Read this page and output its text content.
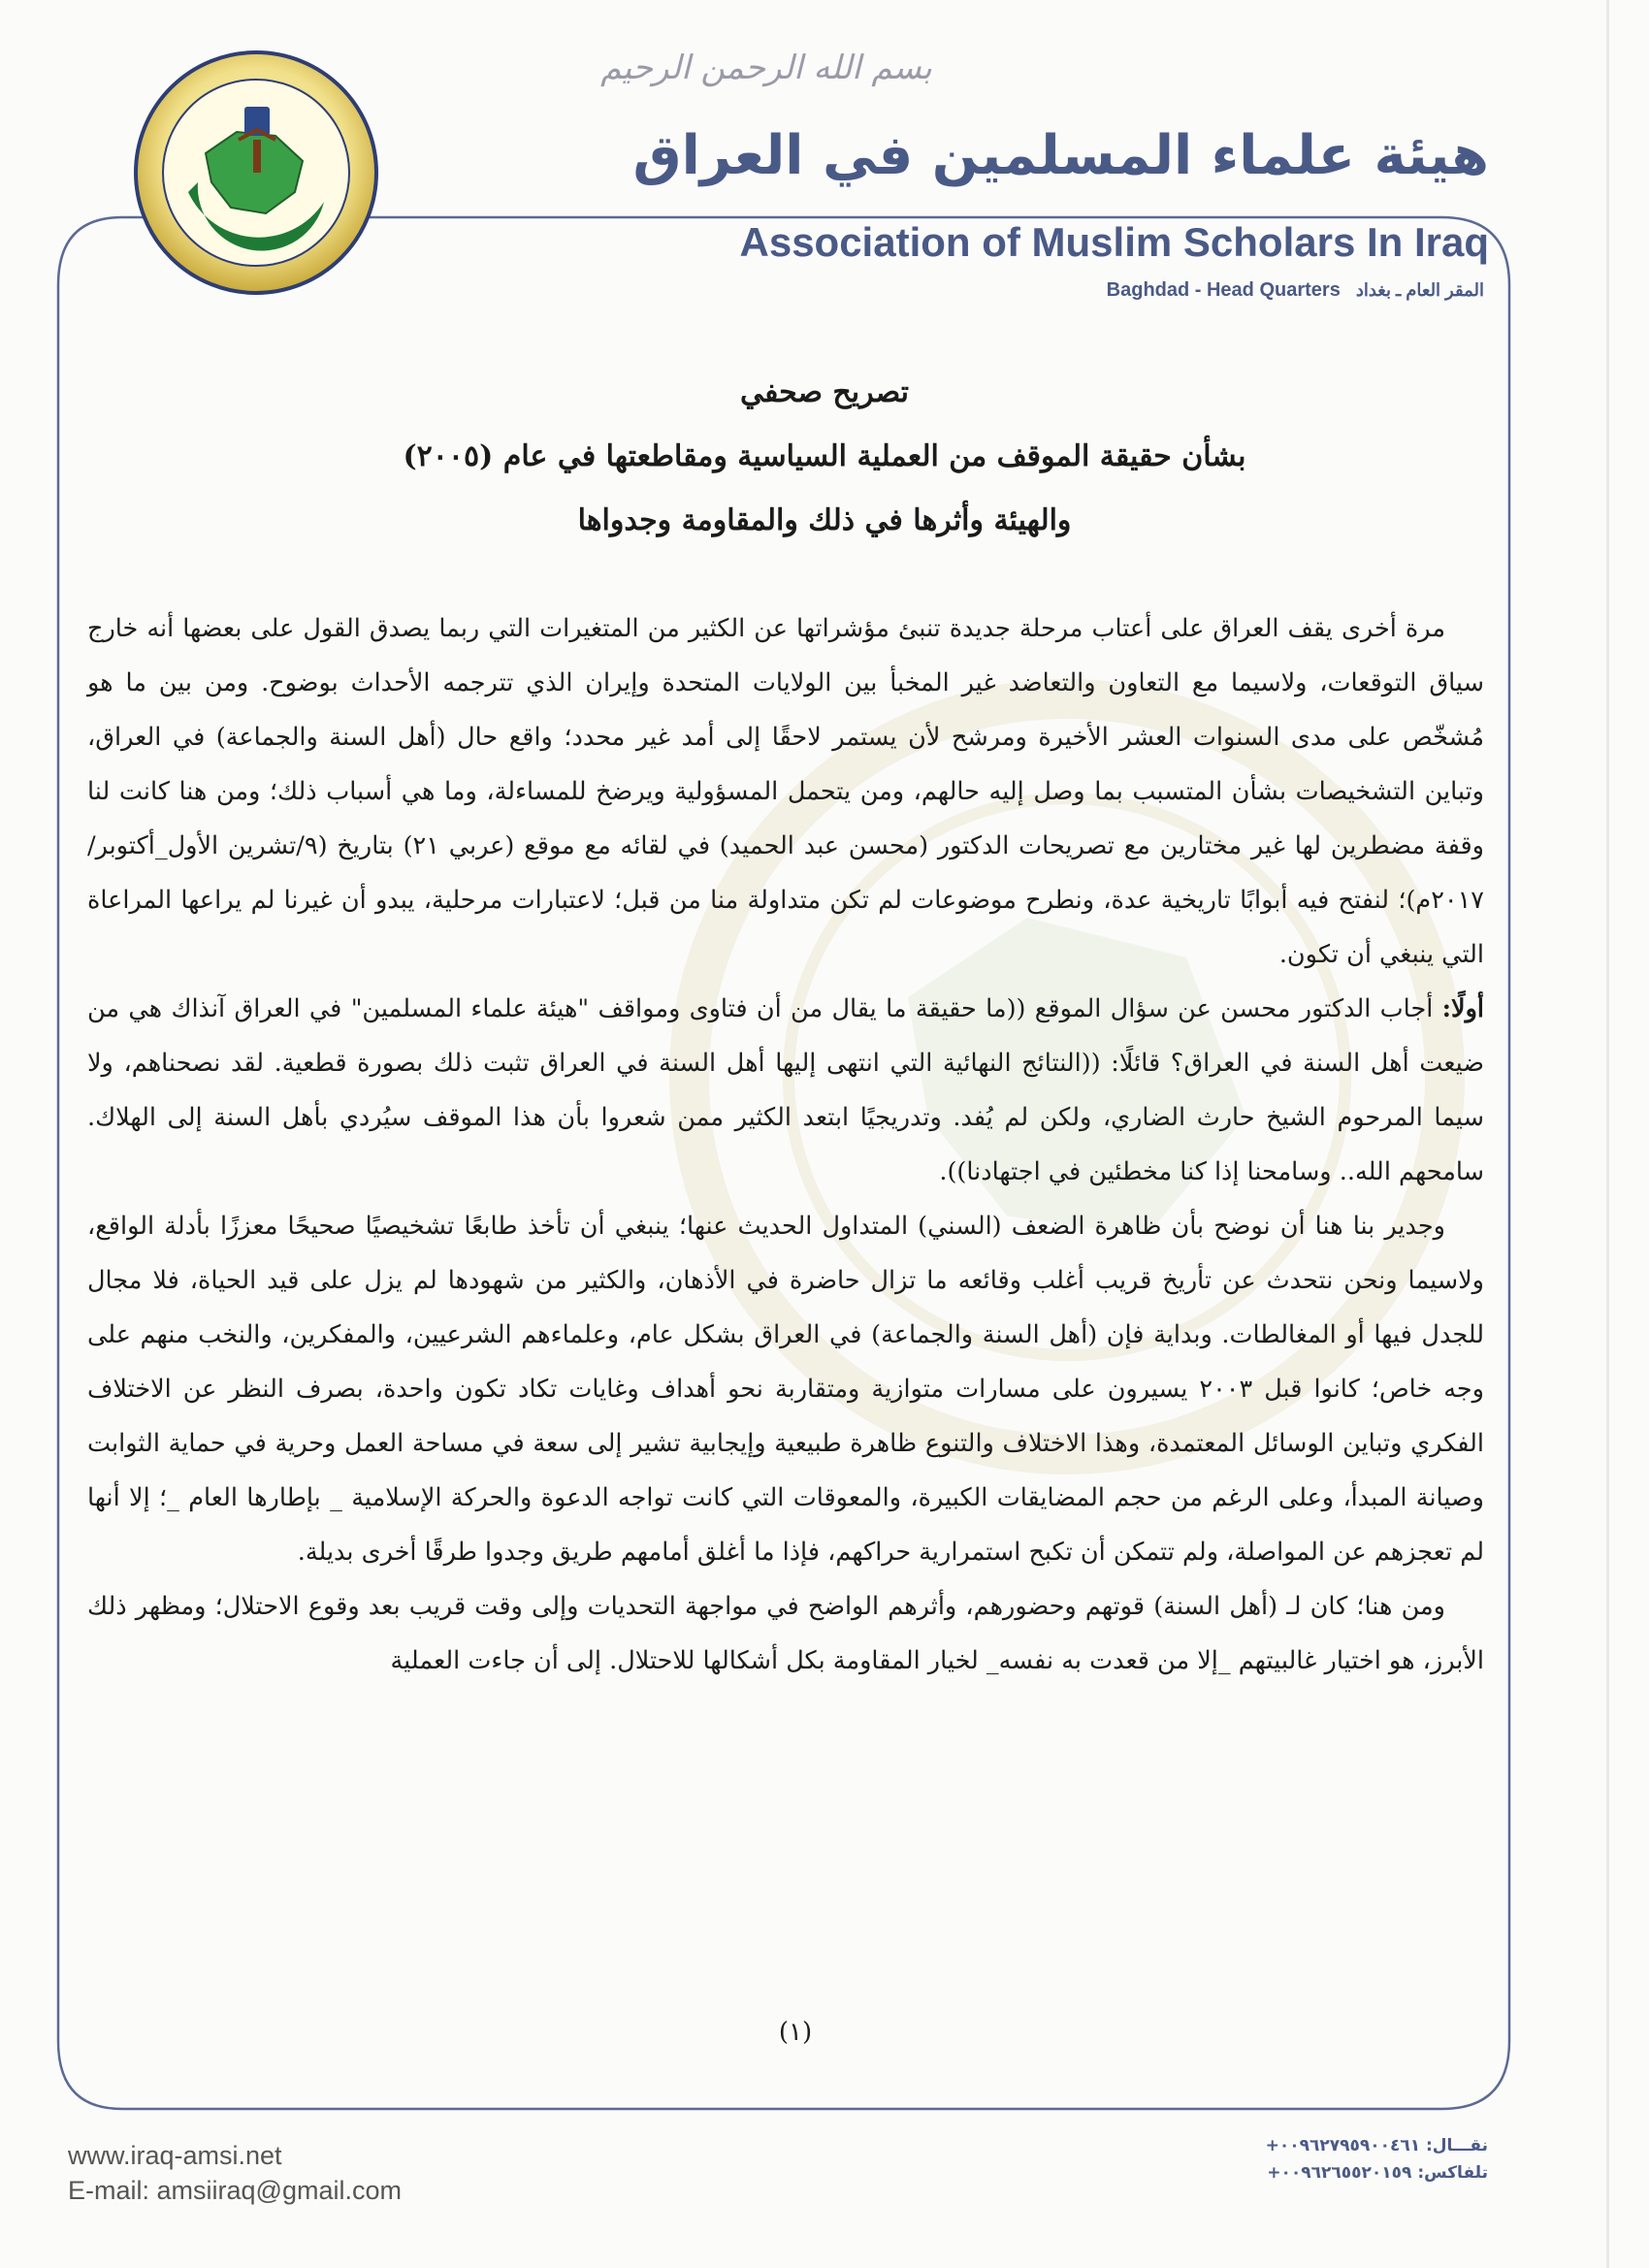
بسم الله الرحمن الرحيم
هيئة علماء المسلمين في العراق
Association of Muslim Scholars In Iraq
Baghdad - Head Quarters المقر العام ـ بغداد
تصريح صحفي
بشأن حقيقة الموقف من العملية السياسية ومقاطعتها في عام (٢٠٠٥)
والهيئة وأثرها في ذلك والمقاومة وجدواها

مرة أخرى يقف العراق على أعتاب مرحلة جديدة تنبئ مؤشراتها عن الكثير من المتغيرات التي ربما يصدق القول على بعضها أنه خارج سياق التوقعات، ولاسيما مع التعاون والتعاضد غير المخبأ بين الولايات المتحدة وإيران الذي تترجمه الأحداث بوضوح. ومن بين ما هو مُشخّص على مدى السنوات العشر الأخيرة ومرشح لأن يستمر لاحقًا إلى أمد غير محدد؛ واقع حال (أهل السنة والجماعة) في العراق، وتباين التشخيصات بشأن المتسبب بما وصل إليه حالهم، ومن يتحمل المسؤولية ويرضخ للمساءلة، وما هي أسباب ذلك؛ ومن هنا كانت لنا وقفة مضطرين لها غير مختارين مع تصريحات الدكتور (محسن عبد الحميد) في لقائه مع موقع (عربي ٢١) بتاريخ (٩/تشرين الأول_أكتوبر/٢٠١٧م)؛ لنفتح فيه أبوابًا تاريخية عدة، ونطرح موضوعات لم تكن متداولة منا من قبل؛ لاعتبارات مرحلية، يبدو أن غيرنا لم يراعها المراعاة التي ينبغي أن تكون.

أولًا: أجاب الدكتور محسن عن سؤال الموقع ((ما حقيقة ما يقال من أن فتاوى ومواقف "هيئة علماء المسلمين" في العراق آنذاك هي من ضيعت أهل السنة في العراق؟ قائلًا: ((النتائج النهائية التي انتهى إليها أهل السنة في العراق تثبت ذلك بصورة قطعية. لقد نصحناهم، ولا سيما المرحوم الشيخ حارث الضاري، ولكن لم يُفد. وتدريجيًا ابتعد الكثير ممن شعروا بأن هذا الموقف سيُردي بأهل السنة إلى الهلاك. سامحهم الله.. وسامحنا إذا كنا مخطئين في اجتهادنا)).

وجدير بنا هنا أن نوضح بأن ظاهرة الضعف (السني) المتداول الحديث عنها؛ ينبغي أن تأخذ طابعًا تشخيصيًا صحيحًا معززًا بأدلة الواقع، ولاسيما ونحن نتحدث عن تأريخ قريب أغلب وقائعه ما تزال حاضرة في الأذهان، والكثير من شهودها لم يزل على قيد الحياة، فلا مجال للجدل فيها أو المغالطات. وبداية فإن (أهل السنة والجماعة) في العراق بشكل عام، وعلماءهم الشرعيين، والمفكرين، والنخب منهم على وجه خاص؛ كانوا قبل ٢٠٠٣ يسيرون على مسارات متوازية ومتقاربة نحو أهداف وغايات تكاد تكون واحدة، بصرف النظر عن الاختلاف الفكري وتباين الوسائل المعتمدة، وهذا الاختلاف والتنوع ظاهرة طبيعية وإيجابية تشير إلى سعة في مساحة العمل وحرية في حماية الثوابت وصيانة المبدأ، وعلى الرغم من حجم المضايقات الكبيرة، والمعوقات التي كانت تواجه الدعوة والحركة الإسلامية _ بإطارها العام _؛ إلا أنها لم تعجزهم عن المواصلة، ولم تتمكن أن تكبح استمرارية حراكهم، فإذا ما أغلق أمامهم طريق وجدوا طرقًا أخرى بديلة.

ومن هنا؛ كان لـ (أهل السنة) قوتهم وحضورهم، وأثرهم الواضح في مواجهة التحديات وإلى وقت قريب بعد وقوع الاحتلال؛ ومظهر ذلك الأبرز، هو اختيار غالبيتهم _إلا من قعدت به نفسه_ لخيار المقاومة بكل أشكالها للاحتلال. إلى أن جاءت العملية

(١)
www.iraq-amsi.net
E-mail: amsiiraq@gmail.com
نقـــال: ٠٠٩٦٢٧٩٥٩٠٠٤٦١+
تلفاكس: ٠٠٩٦٢٦٥٥٢٠١٥٩+
